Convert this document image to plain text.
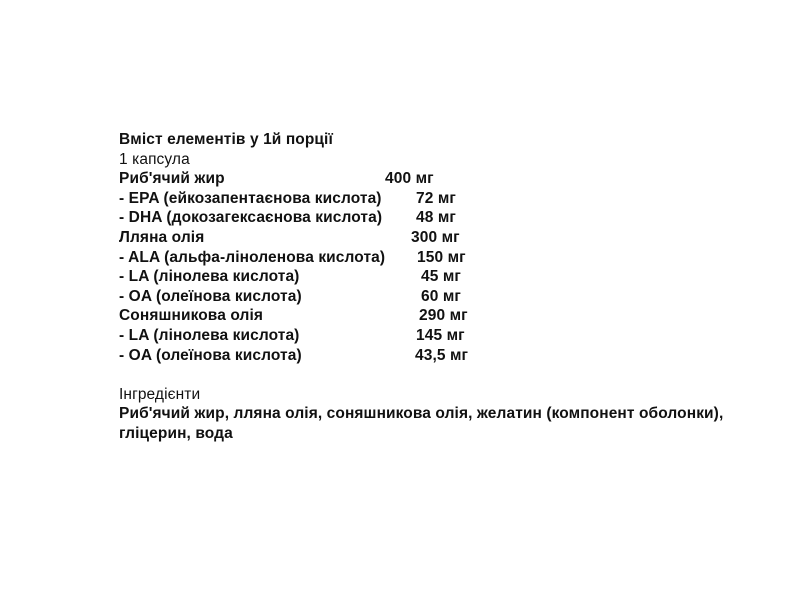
Вміст елементів у 1й порції
1 капсула
Риб'ячий жир	400 мг
- EPA (ейкозапентаєнова кислота) 72 мг
- DHA (докозагексаєнова кислота) 48 мг
Лляна олія	300 мг
- ALA (альфа-ліноленова кислота) 150 мг
- LA (лінолева кислота)	45 мг
- OA (олеїнова кислота)	60 мг
Соняшникова олія	290 мг
- LA (лінолева кислота)	145 мг
- OA (олеїнова кислота)	43,5 мг
Інгредієнти
Риб'ячий жир, лляна олія, соняшникова олія, желатин (компонент оболонки), гліцерин, вода
